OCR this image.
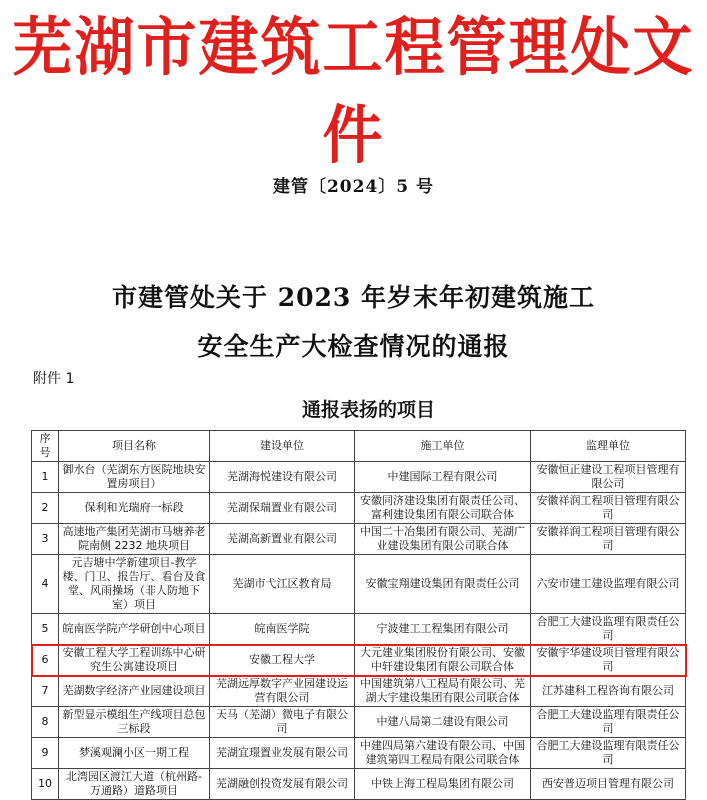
芜湖市建筑工程管理处文件
建管〔2024〕5 号
市建管处关于 2023 年岁末年初建筑施工
安全生产大检查情况的通报
附件 1
通报表扬的项目
序号	项目名称	建设单位	施工单位	监理单位
1	御水台（芜湖东方医院地块安置房项目）	芜湖海悦建设有限公司	中建国际工程有限公司	安徽恒正建设工程项目管理有限公司
2	保利和光瑞府一标段	芜湖保瑞置业有限公司	安徽同济建设集团有限责任公司、富利建设集团有限公司联合体	安徽祥润工程项目管理有限公司
3	高速地产集团芜湖市马塘养老院南侧 2232 地块项目	芜湖高新置业有限公司	中国二十冶集团有限公司、芜湖广业建设集团有限公司联合体	安徽祥润工程项目管理有限公司
4	元吉塘中学新建项目-教学楼、门卫、报告厅、看台及食堂、风雨操场（非人防地下室）项目	芜湖市弋江区教育局	安徽宝翔建设集团有限责任公司	六安市建工建设监理有限公司
5	皖南医学院产学研创中心项目	皖南医学院	宁波建工工程集团有限公司	合肥工大建设监理有限责任公司
6	安徽工程大学工程训练中心研究生公寓建设项目	安徽工程大学	大元建业集团股份有限公司、安徽中轩建设集团有限公司联合体	安徽宇华建设项目管理有限公司
7	芜湖数字经济产业园建设项目	芜湖远厚数字产业园建设运营有限公司	中国建筑第八工程局有限公司、芜湖大宇建设集团有限公司联合体	江苏建科工程咨询有限公司
8	新型显示模组生产线项目总包三标段	天马（芜湖）微电子有限公司	中建八局第二建设有限公司	合肥工大建设监理有限责任公司
9	梦溪观澜小区一期工程	芜湖宜璟置业发展有限公司	中建四局第六建设有限公司、中国建筑第四工程局有限公司联合体	合肥工大建设监理有限责任公司
10	北湾园区渡江大道（杭州路-万通路）道路项目	芜湖融创投资发展有限公司	中铁上海工程局集团有限公司	西安普迈项目管理有限公司
